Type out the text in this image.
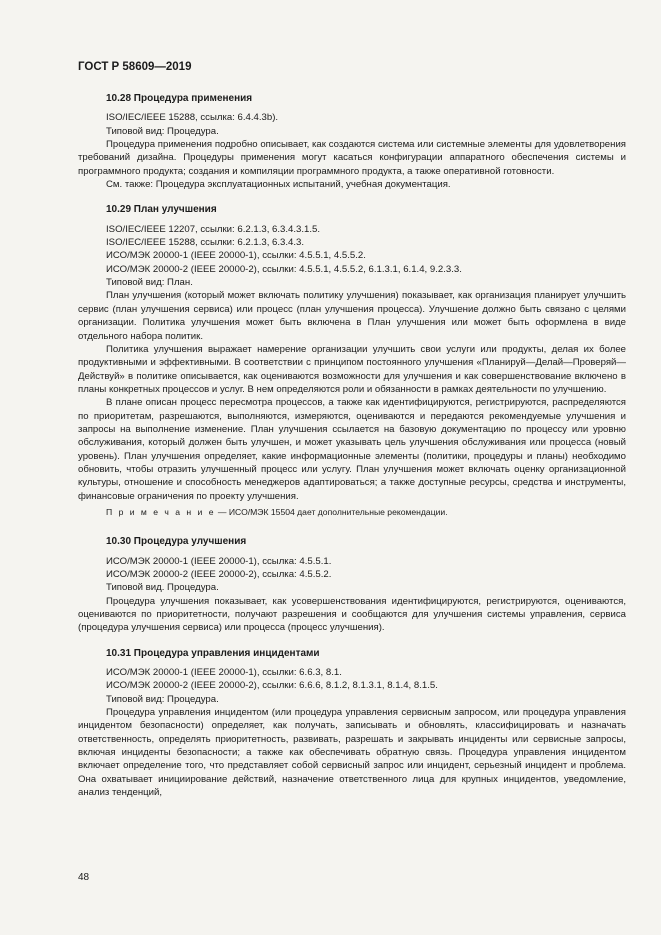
ГОСТ Р 58609—2019
10.28 Процедура применения
ISO/IEC/IEEE 15288, ссылка: 6.4.4.3b).
Типовой вид: Процедура.
Процедура применения подробно описывает, как создаются система или системные элементы для удовлетворения требований дизайна. Процедуры применения могут касаться конфигурации аппаратного обеспечения системы и программного продукта; создания и компиляции программного продукта, а также оперативной готовности.
См. также: Процедура эксплуатационных испытаний, учебная документация.
10.29 План улучшения
ISO/IEC/IEEE 12207, ссылки: 6.2.1.3, 6.3.4.3.1.5.
ISO/IEC/IEEE 15288, ссылки: 6.2.1.3, 6.3.4.3.
ИСО/МЭК 20000-1 (IEEE 20000-1), ссылки: 4.5.5.1, 4.5.5.2.
ИСО/МЭК 20000-2 (IEEE 20000-2), ссылки: 4.5.5.1, 4.5.5.2, 6.1.3.1, 6.1.4, 9.2.3.3.
Типовой вид: План.
План улучшения (который может включать политику улучшения) показывает, как организация планирует улучшить сервис (план улучшения сервиса) или процесс (план улучшения процесса). Улучшение должно быть связано с целями организации. Политика улучшения может быть включена в План улучшения или может быть оформлена в виде отдельного набора политик.
Политика улучшения выражает намерение организации улучшить свои услуги или продукты, делая их более продуктивными и эффективными. В соответствии с принципом постоянного улучшения «Планируй—Делай—Проверяй—Действуй» в политике описывается, как оцениваются возможности для улучшения и как совершенствование включено в планы конкретных процессов и услуг. В нем определяются роли и обязанности в рамках деятельности по улучшению.
В плане описан процесс пересмотра процессов, а также как идентифицируются, регистрируются, распределяются по приоритетам, разрешаются, выполняются, измеряются, оцениваются и передаются рекомендуемые улучшения и запросы на выполнение изменение. План улучшения ссылается на базовую документацию по процессу или уровню обслуживания, который должен быть улучшен, и может указывать цель улучшения обслуживания или процесса (новый уровень). План улучшения определяет, какие информационные элементы (политики, процедуры и планы) необходимо обновить, чтобы отразить улучшенный процесс или услугу. План улучшения может включать оценку организационной культуры, отношение и способность менеджеров адаптироваться; а также доступные ресурсы, средства и инструменты, финансовые ограничения по проекту улучшения.
П р и м е ч а н и е — ИСО/МЭК 15504 дает дополнительные рекомендации.
10.30 Процедура улучшения
ИСО/МЭК 20000-1 (IEEE 20000-1), ссылка: 4.5.5.1.
ИСО/МЭК 20000-2 (IEEE 20000-2), ссылка: 4.5.5.2.
Типовой вид. Процедура.
Процедура улучшения показывает, как усовершенствования идентифицируются, регистрируются, оцениваются, оцениваются по приоритетности, получают разрешения и сообщаются для улучшения системы управления, сервиса (процедура улучшения сервиса) или процесса (процесс улучшения).
10.31 Процедура управления инцидентами
ИСО/МЭК 20000-1 (IEEE 20000-1), ссылки: 6.6.3, 8.1.
ИСО/МЭК 20000-2 (IEEE 20000-2), ссылки: 6.6.6, 8.1.2, 8.1.3.1, 8.1.4, 8.1.5.
Типовой вид: Процедура.
Процедура управления инцидентом (или процедура управления сервисным запросом, или процедура управления инцидентом безопасности) определяет, как получать, записывать и обновлять, классифицировать и назначать ответственность, определять приоритетность, развивать, разрешать и закрывать инциденты или сервисные запросы, включая инциденты безопасности; а также как обеспечивать обратную связь. Процедура управления инцидентом включает определение того, что представляет собой сервисный запрос или инцидент, серьезный инцидент и проблема. Она охватывает инициирование действий, назначение ответственного лица для крупных инцидентов, уведомление, анализ тенденций,
48
